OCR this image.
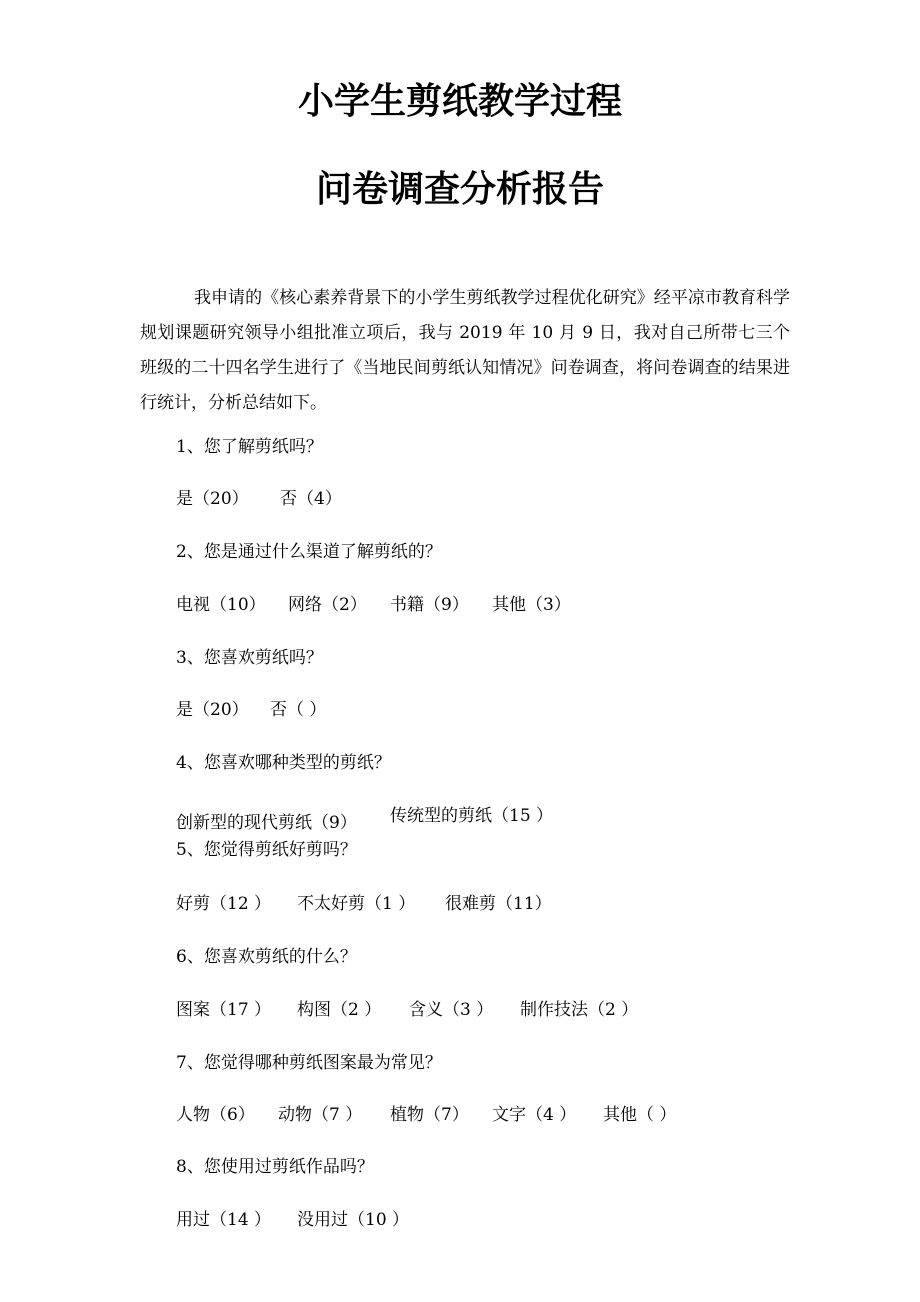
小学生剪纸教学过程
问卷调查分析报告

我申请的《核心素养背景下的小学生剪纸教学过程优化研究》经平凉市教育科学规划课题研究领导小组批准立项后，我与 2019 年 10 月 9 日，我对自己所带七三个班级的二十四名学生进行了《当地民间剪纸认知情况》问卷调查，将问卷调查的结果进行统计，分析总结如下。

1、您了解剪纸吗？

是（20） 否（4）

2、您是通过什么渠道了解剪纸的？

电视（10） 网络（2） 书籍（9） 其他（3）

3、您喜欢剪纸吗？

是（20） 否（ ）

4、您喜欢哪种类型的剪纸？

创新型的现代剪纸（9） 传统型的剪纸（15 ）

5、您觉得剪纸好剪吗？

好剪（12 ） 不太好剪（1 ） 很难剪（11）

6、您喜欢剪纸的什么？

图案（17 ） 构图（2 ） 含义（3 ） 制作技法（2 ）

7、您觉得哪种剪纸图案最为常见？

人物（6） 动物（7 ） 植物（7） 文字（4 ） 其他（ ）

8、您使用过剪纸作品吗？

用过（14 ） 没用过（10 ）
